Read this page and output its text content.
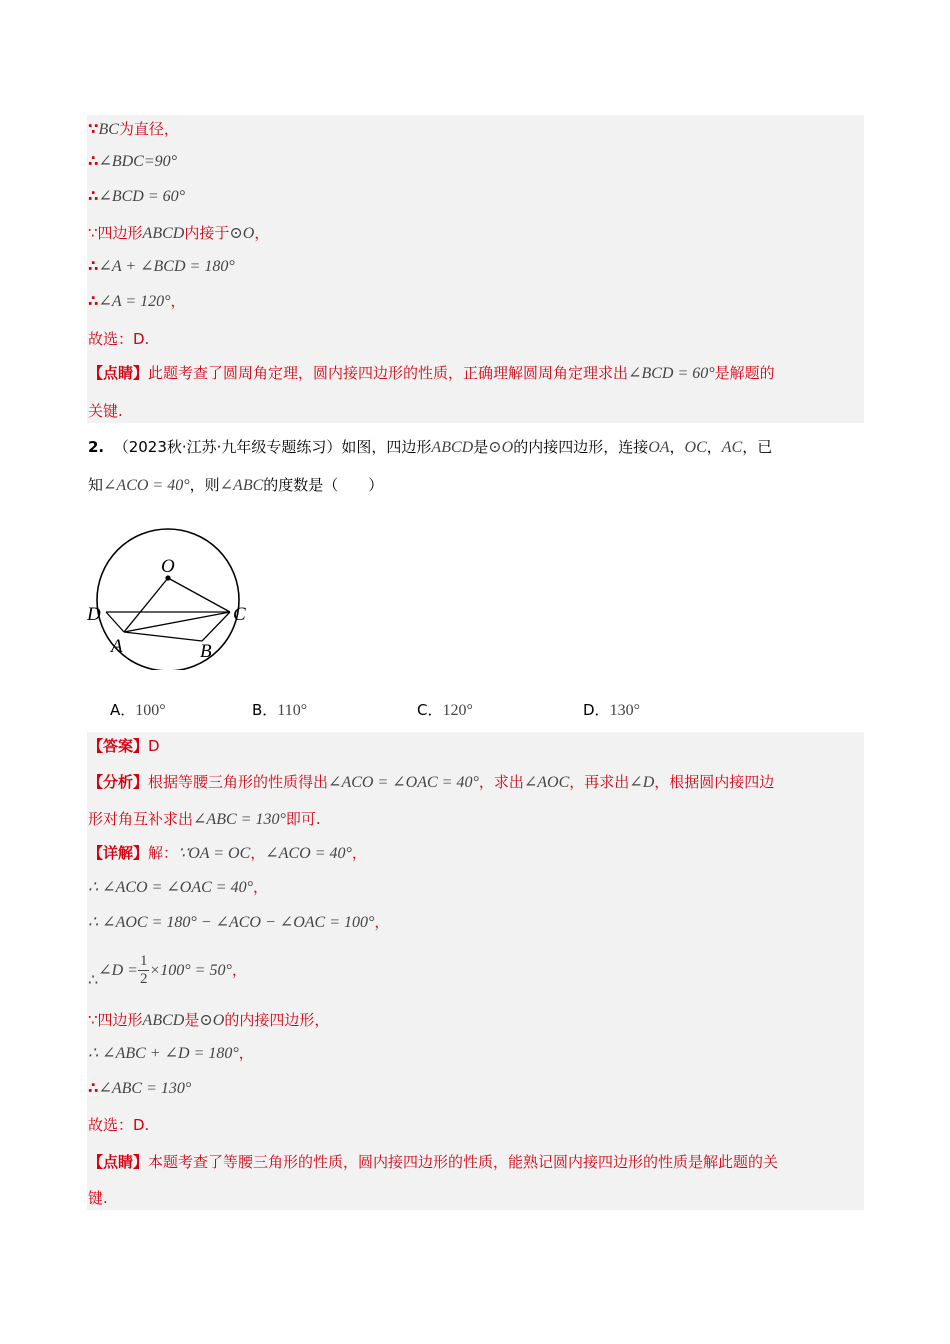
∵BC为直径，
∴∠BDC=90°
∴∠BCD = 60°
∵四边形ABCD内接于⊙O，
∴∠A + ∠BCD = 180°
∴∠A = 120°，
故选：D.
【点睛】此题考查了圆周角定理，圆内接四边形的性质，正确理解圆周角定理求出∠BCD = 60°是解题的
关键.
2. （2023秋·江苏·九年级专题练习）如图，四边形ABCD是⊙O的内接四边形，连接OA，OC，AC，已
知∠ACO = 40°，则∠ABC的度数是（　　）
O
D	C
A	B
A．100°	B．110°	C．120°	D．130°
【答案】D
【分析】根据等腰三角形的性质得出∠ACO = ∠OAC = 40°，求出∠AOC，再求出∠D，根据圆内接四边
形对角互补求出∠ABC = 130°即可.
【详解】解：∵OA = OC，∠ACO = 40°，
∴ ∠ACO = ∠OAC = 40°，
∴ ∠AOC = 180° − ∠ACO − ∠OAC = 100°，
∴∠D = $\frac{1}{2} \times 100^\circ = 50^\circ$，
∵四边形ABCD是⊙O的内接四边形，
∴ ∠ABC + ∠D = 180°，
∴∠ABC = 130°
故选：D.
【点睛】本题考查了等腰三角形的性质，圆内接四边形的性质，能熟记圆内接四边形的性质是解此题的关
键.
